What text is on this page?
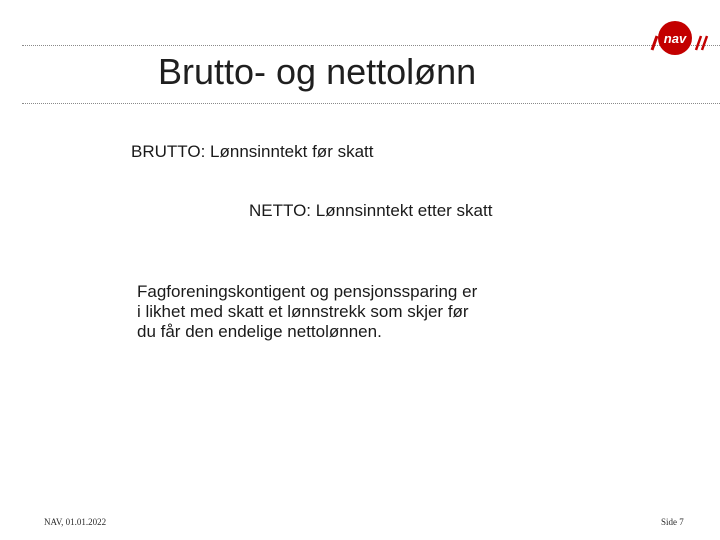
nav
Brutto- og nettolønn
BRUTTO: Lønnsinntekt før skatt
NETTO: Lønnsinntekt etter skatt
Fagforeningskontigent og pensjonssparing er
i likhet med skatt et lønnstrekk som skjer før
du får den endelige nettolønnen.
NAV, 01.01.2022	Side 7
